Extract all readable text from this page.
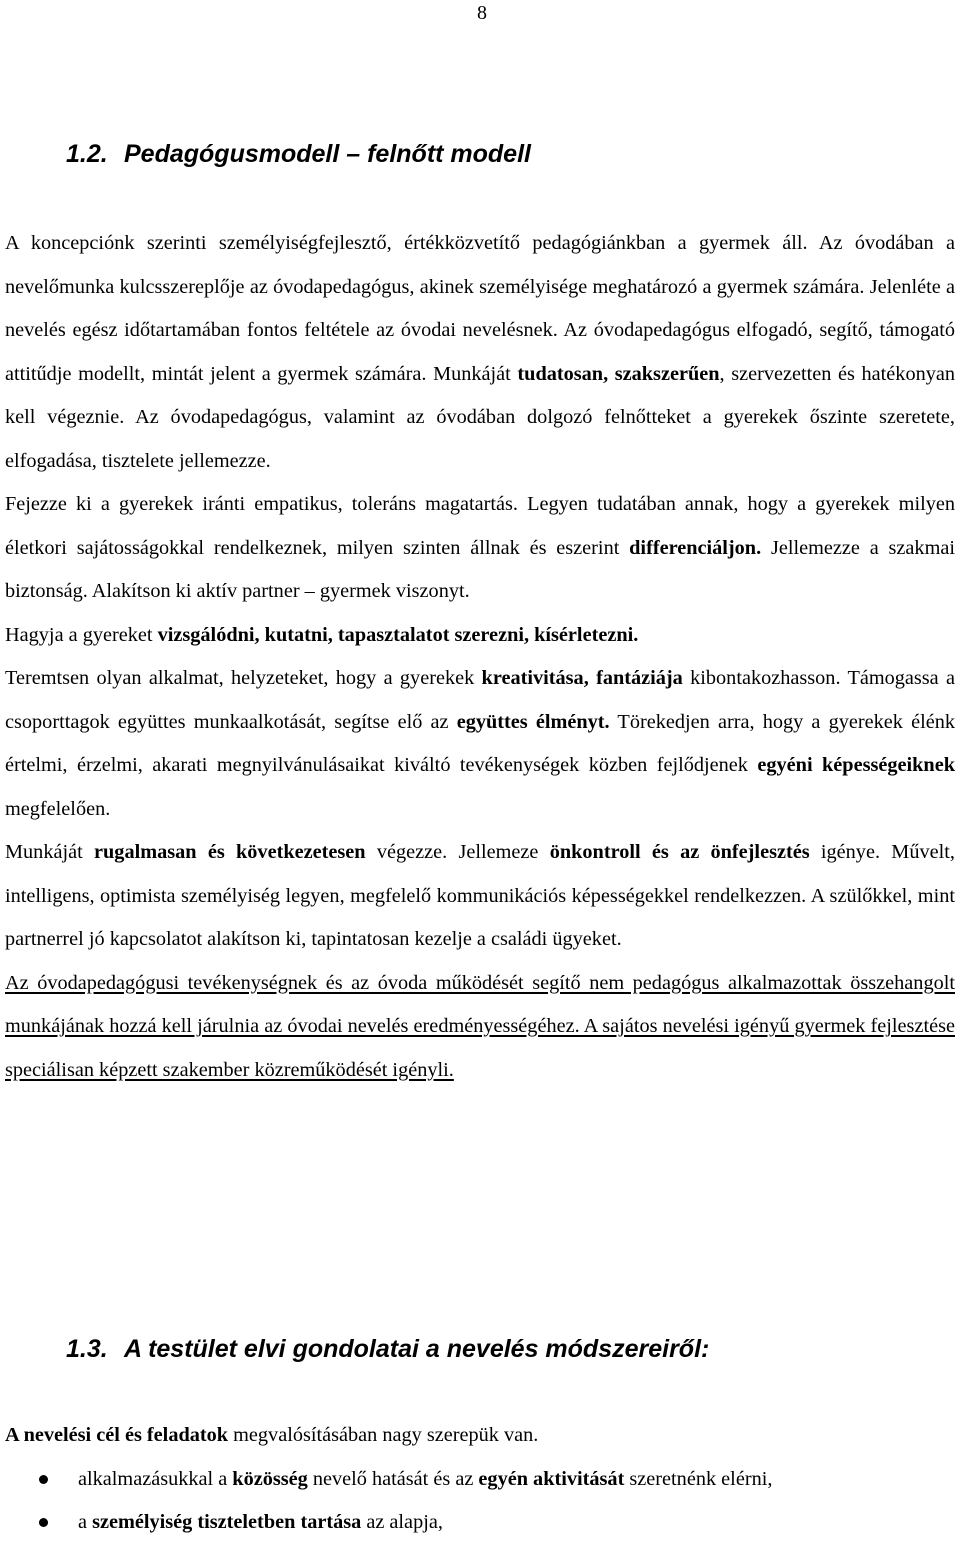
8
1.2. Pedagógusmodell – felnőtt modell

A koncepciónk szerinti személyiségfejlesztő, értékközvetítő pedagógiánkban a gyermek áll. Az óvodában a nevelőmunka kulcsszereplője az óvodapedagógus, akinek személyisége meghatározó a gyermek számára. Jelenléte a nevelés egész időtartamában fontos feltétele az óvodai nevelésnek. Az óvodapedagógus elfogadó, segítő, támogató attitűdje modellt, mintát jelent a gyermek számára. Munkáját tudatosan, szakszerűen, szervezetten és hatékonyan kell végeznie. Az óvodapedagógus, valamint az óvodában dolgozó felnőtteket a gyerekek őszinte szeretete, elfogadása, tisztelete jellemezze.

Fejezze ki a gyerekek iránti empatikus, toleráns magatartás. Legyen tudatában annak, hogy a gyerekek milyen életkori sajátosságokkal rendelkeznek, milyen szinten állnak és eszerint differenciáljon. Jellemezze a szakmai biztonság. Alakítson ki aktív partner – gyermek viszonyt.

Hagyja a gyereket vizsgálódni, kutatni, tapasztalatot szerezni, kísérletezni.

Teremtsen olyan alkalmat, helyzeteket, hogy a gyerekek kreativitása, fantáziája kibontakozhasson. Támogassa a csoporttagok együttes munkaalkotását, segítse elő az együttes élményt. Törekedjen arra, hogy a gyerekek élénk értelmi, érzelmi, akarati megnyilvánulásaikat kiváltó tevékenységek közben fejlődjenek egyéni képességeiknek megfelelően.

Munkáját rugalmasan és következetesen végezze. Jellemeze önkontroll és az önfejlesztés igénye. Művelt, intelligens, optimista személyiség legyen, megfelelő kommunikációs képességekkel rendelkezzen. A szülőkkel, mint partnerrel jó kapcsolatot alakítson ki, tapintatosan kezelje a családi ügyeket.

Az óvodapedagógusi tevékenységnek és az óvoda működését segítő nem pedagógus alkalmazottak összehangolt munkájának hozzá kell járulnia az óvodai nevelés eredményességéhez. A sajátos nevelési igényű gyermek fejlesztése speciálisan képzett szakember közreműködését igényli.

1.3. A testület elvi gondolatai a nevelés módszereiről:

A nevelési cél és feladatok megvalósításában nagy szerepük van.

alkalmazásukkal a közösség nevelő hatását és az egyén aktivitását szeretnénk elérni,
a személyiség tiszteletben tartása az alapja,
